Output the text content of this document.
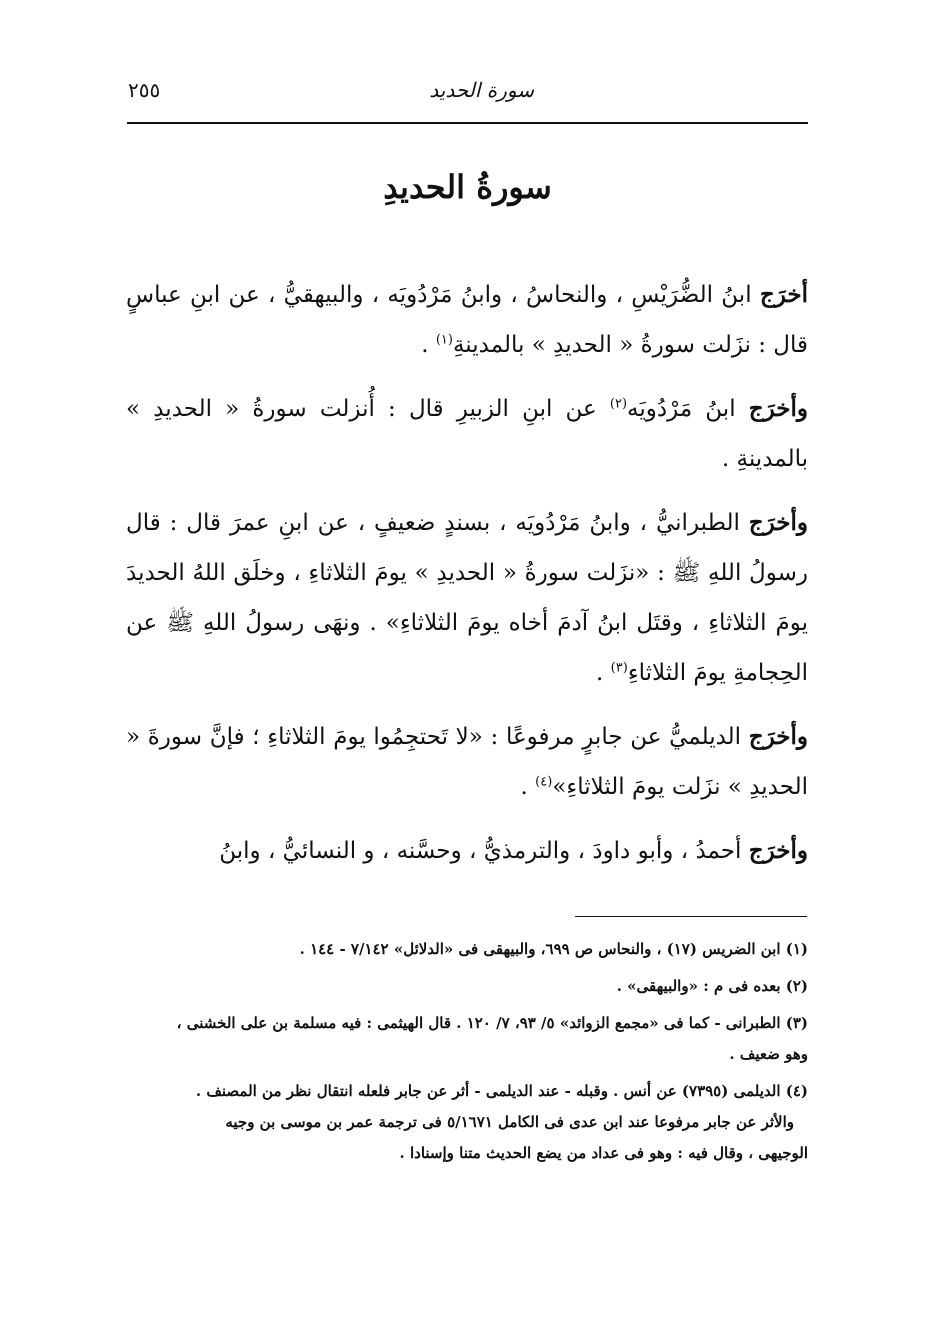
سورة الحديد
٢٥٥
سورةُ الحديدِ

أخرَج ابنُ الضُّرَيْسِ ، والنحاسُ ، وابنُ مَرْدُويَه ، والبيهقيُّ ، عن ابنِ عباسٍ قال : نزَلت سورةُ « الحديدِ » بالمدينةِ$^{(١)}$ .

وأخرَج ابنُ مَرْدُويَه$^{(٢)}$ عن ابنِ الزبيرِ قال : أُنزلت سورةُ « الحديدِ » بالمدينةِ .

وأخرَج الطبرانيُّ ، وابنُ مَرْدُويَه ، بسندٍ ضعيفٍ ، عن ابنِ عمرَ قال : قال رسولُ اللهِ ﷺ : «نزَلت سورةُ « الحديدِ » يومَ الثلاثاءِ ، وخلَق اللهُ الحديدَ يومَ الثلاثاءِ ، وقتَل ابنُ آدمَ أخاه يومَ الثلاثاءِ» . ونهَى رسولُ اللهِ ﷺ عن الحِجامةِ يومَ الثلاثاءِ$^{(٣)}$ .

وأخرَج الديلميُّ عن جابرٍ مرفوعًا : «لا تَحتجِمُوا يومَ الثلاثاءِ ؛ فإنَّ سورةَ « الحديدِ » نزَلت يومَ الثلاثاءِ»$^{(٤)}$ .

وأخرَج أحمدُ ، وأبو داودَ ، والترمذيُّ ، وحسَّنه ، و النسائيُّ ، وابنُ

(١) ابن الضريس (١٧) ، والنحاس ص ٦٩٩، والبيهقى فى «الدلائل» ٧/١٤٢ - ١٤٤ .
(٢) بعده فى م : «والبيهقى» .
(٣) الطبرانى - كما فى «مجمع الزوائد» ٥/ ٩٣، ٧/ ١٢٠ . قال الهيثمى : فيه مسلمة بن على الخشنى ،
وهو ضعيف .
(٤) الديلمى (٧٣٩٥) عن أنس . وقبله - عند الديلمى - أثر عن جابر فلعله انتقال نظر من المصنف .
والأثر عن جابر مرفوعا عند ابن عدى فى الكامل ٥/١٦٧١ فى ترجمة عمر بن موسى بن وجيه
الوجيهى ، وقال فيه : وهو فى عداد من يضع الحديث متنا وإسنادا .
